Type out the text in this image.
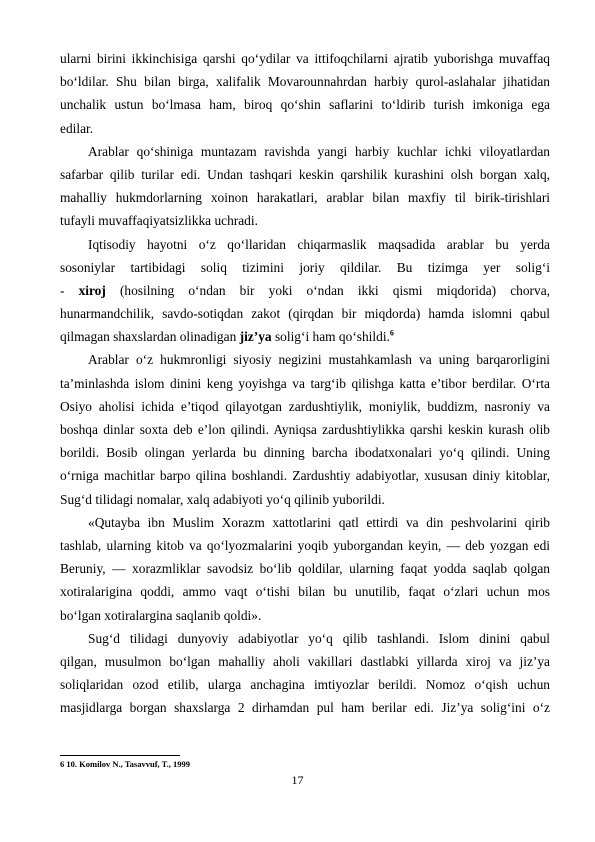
ularni birini ikkinchisiga qarshi qo‘ydilar va ittifoqchilarni ajratib yuborishga muvaffaq
bo‘ldilar. Shu bilan birga, xalifalik Movarounnahrdan harbiy qurol-aslahalar jihatidan
unchalik ustun bo‘lmasa ham, biroq qo‘shin saflarini to‘ldirib turish imkoniga ega
edilar.
Arablar qo‘shiniga muntazam ravishda yangi harbiy kuchlar ichki viloyatlardan
safarbar qilib turilar edi. Undan tashqari keskin qarshilik kurashini olsh borgan xalq,
mahalliy hukmdorlarning xoinon harakatlari, arablar bilan maxfiy til birik-tirishlari
tufayli muvaffaqiyatsizlikka uchradi.
Iqtisodiy hayotni o‘z qo‘llaridan chiqarmaslik maqsadida arablar bu yerda
sosoniylar tartibidagi soliq tizimini joriy qildilar. Bu tizimga yer solig‘i
- xiroj (hosilning o‘ndan bir yoki o‘ndan ikki qismi miqdorida) chorva,
hunarmandchilik, savdo-sotiqdan zakot (qirqdan bir miqdorda) hamda islomni qabul
qilmagan shaxslardan olinadigan jiz’ya solig‘i ham qo‘shildi.$^6$
Arablar o‘z hukmronligi siyosiy negizini mustahkamlash va uning barqarorligini
ta’minlashda islom dinini keng yoyishga va targ‘ib qilishga katta e’tibor berdilar. O‘rta
Osiyo aholisi ichida e’tiqod qilayotgan zardushtiylik, moniylik, buddizm, nasroniy va
boshqa dinlar soxta deb e’lon qilindi. Ayniqsa zardushtiylikka qarshi keskin kurash olib
borildi. Bosib olingan yerlarda bu dinning barcha ibodatxonalari yo‘q qilindi. Uning
o‘rniga machitlar barpo qilina boshlandi. Zardushtiy adabiyotlar, xususan diniy kitoblar,
Sug‘d tilidagi nomalar, xalq adabiyoti yo‘q qilinib yuborildi.
«Qutayba ibn Muslim Xorazm xattotlarini qatl ettirdi va din peshvolarini qirib
tashlab, ularning kitob va qo‘lyozmalarini yoqib yuborgandan keyin, — deb yozgan edi
Beruniy, — xorazmliklar savodsiz bo‘lib qoldilar, ularning faqat yodda saqlab qolgan
xotiralarigina qoddi, ammo vaqt o‘tishi bilan bu unutilib, faqat o‘zlari uchun mos
bo‘lgan xotiralargina saqlanib qoldi».
Sug‘d tilidagi dunyoviy adabiyotlar yo‘q qilib tashlandi. Islom dinini qabul
qilgan, musulmon bo‘lgan mahalliy aholi vakillari dastlabki yillarda xiroj va jiz’ya
soliqlaridan ozod etilib, ularga anchagina imtiyozlar berildi. Nomoz o‘qish uchun
masjidlarga borgan shaxslarga 2 dirhamdan pul ham berilar edi. Jiz’ya solig‘ini o‘z
6 10. Komilov N., Tasavvuf, T., 1999
17
